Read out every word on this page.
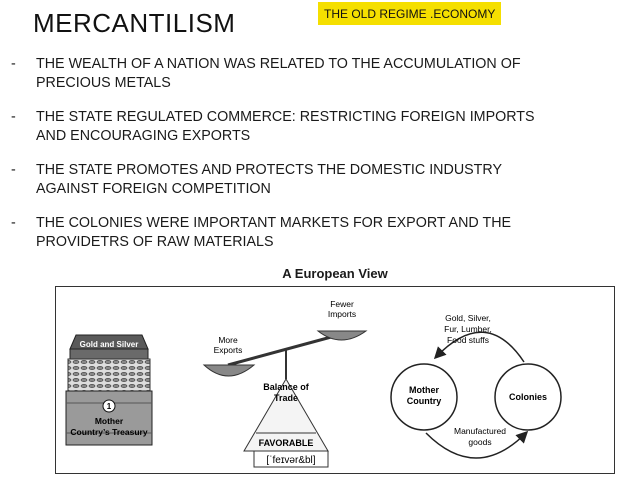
MERCANTILISM	THE OLD REGIME .ECONOMY
- THE WEALTH OF A NATION WAS RELATED TO THE ACCUMULATION OF
PRECIOUS METALS
- THE STATE REGULATED COMMERCE: RESTRICTING FOREIGN IMPORTS
AND ENCOURAGING EXPORTS
- THE STATE PROMOTES AND PROTECTS THE DOMESTIC INDUSTRY
AGAINST FOREIGN COMPETITION
- THE COLONIES WERE IMPORTANT MARKETS FOR EXPORT AND THE
PROVIDETRS OF RAW MATERIALS
A European View
Gold and Silver
1
Mother
Country’s Treasury
More
Exports
Fewer
Imports
Balance of
Trade
FAVORABLE
[ˈfeɪvər&bl]
Mother
Country	Colonies
Gold, Silver,
Fur, Lumber,
Food stuffs
Manufactured
goods
